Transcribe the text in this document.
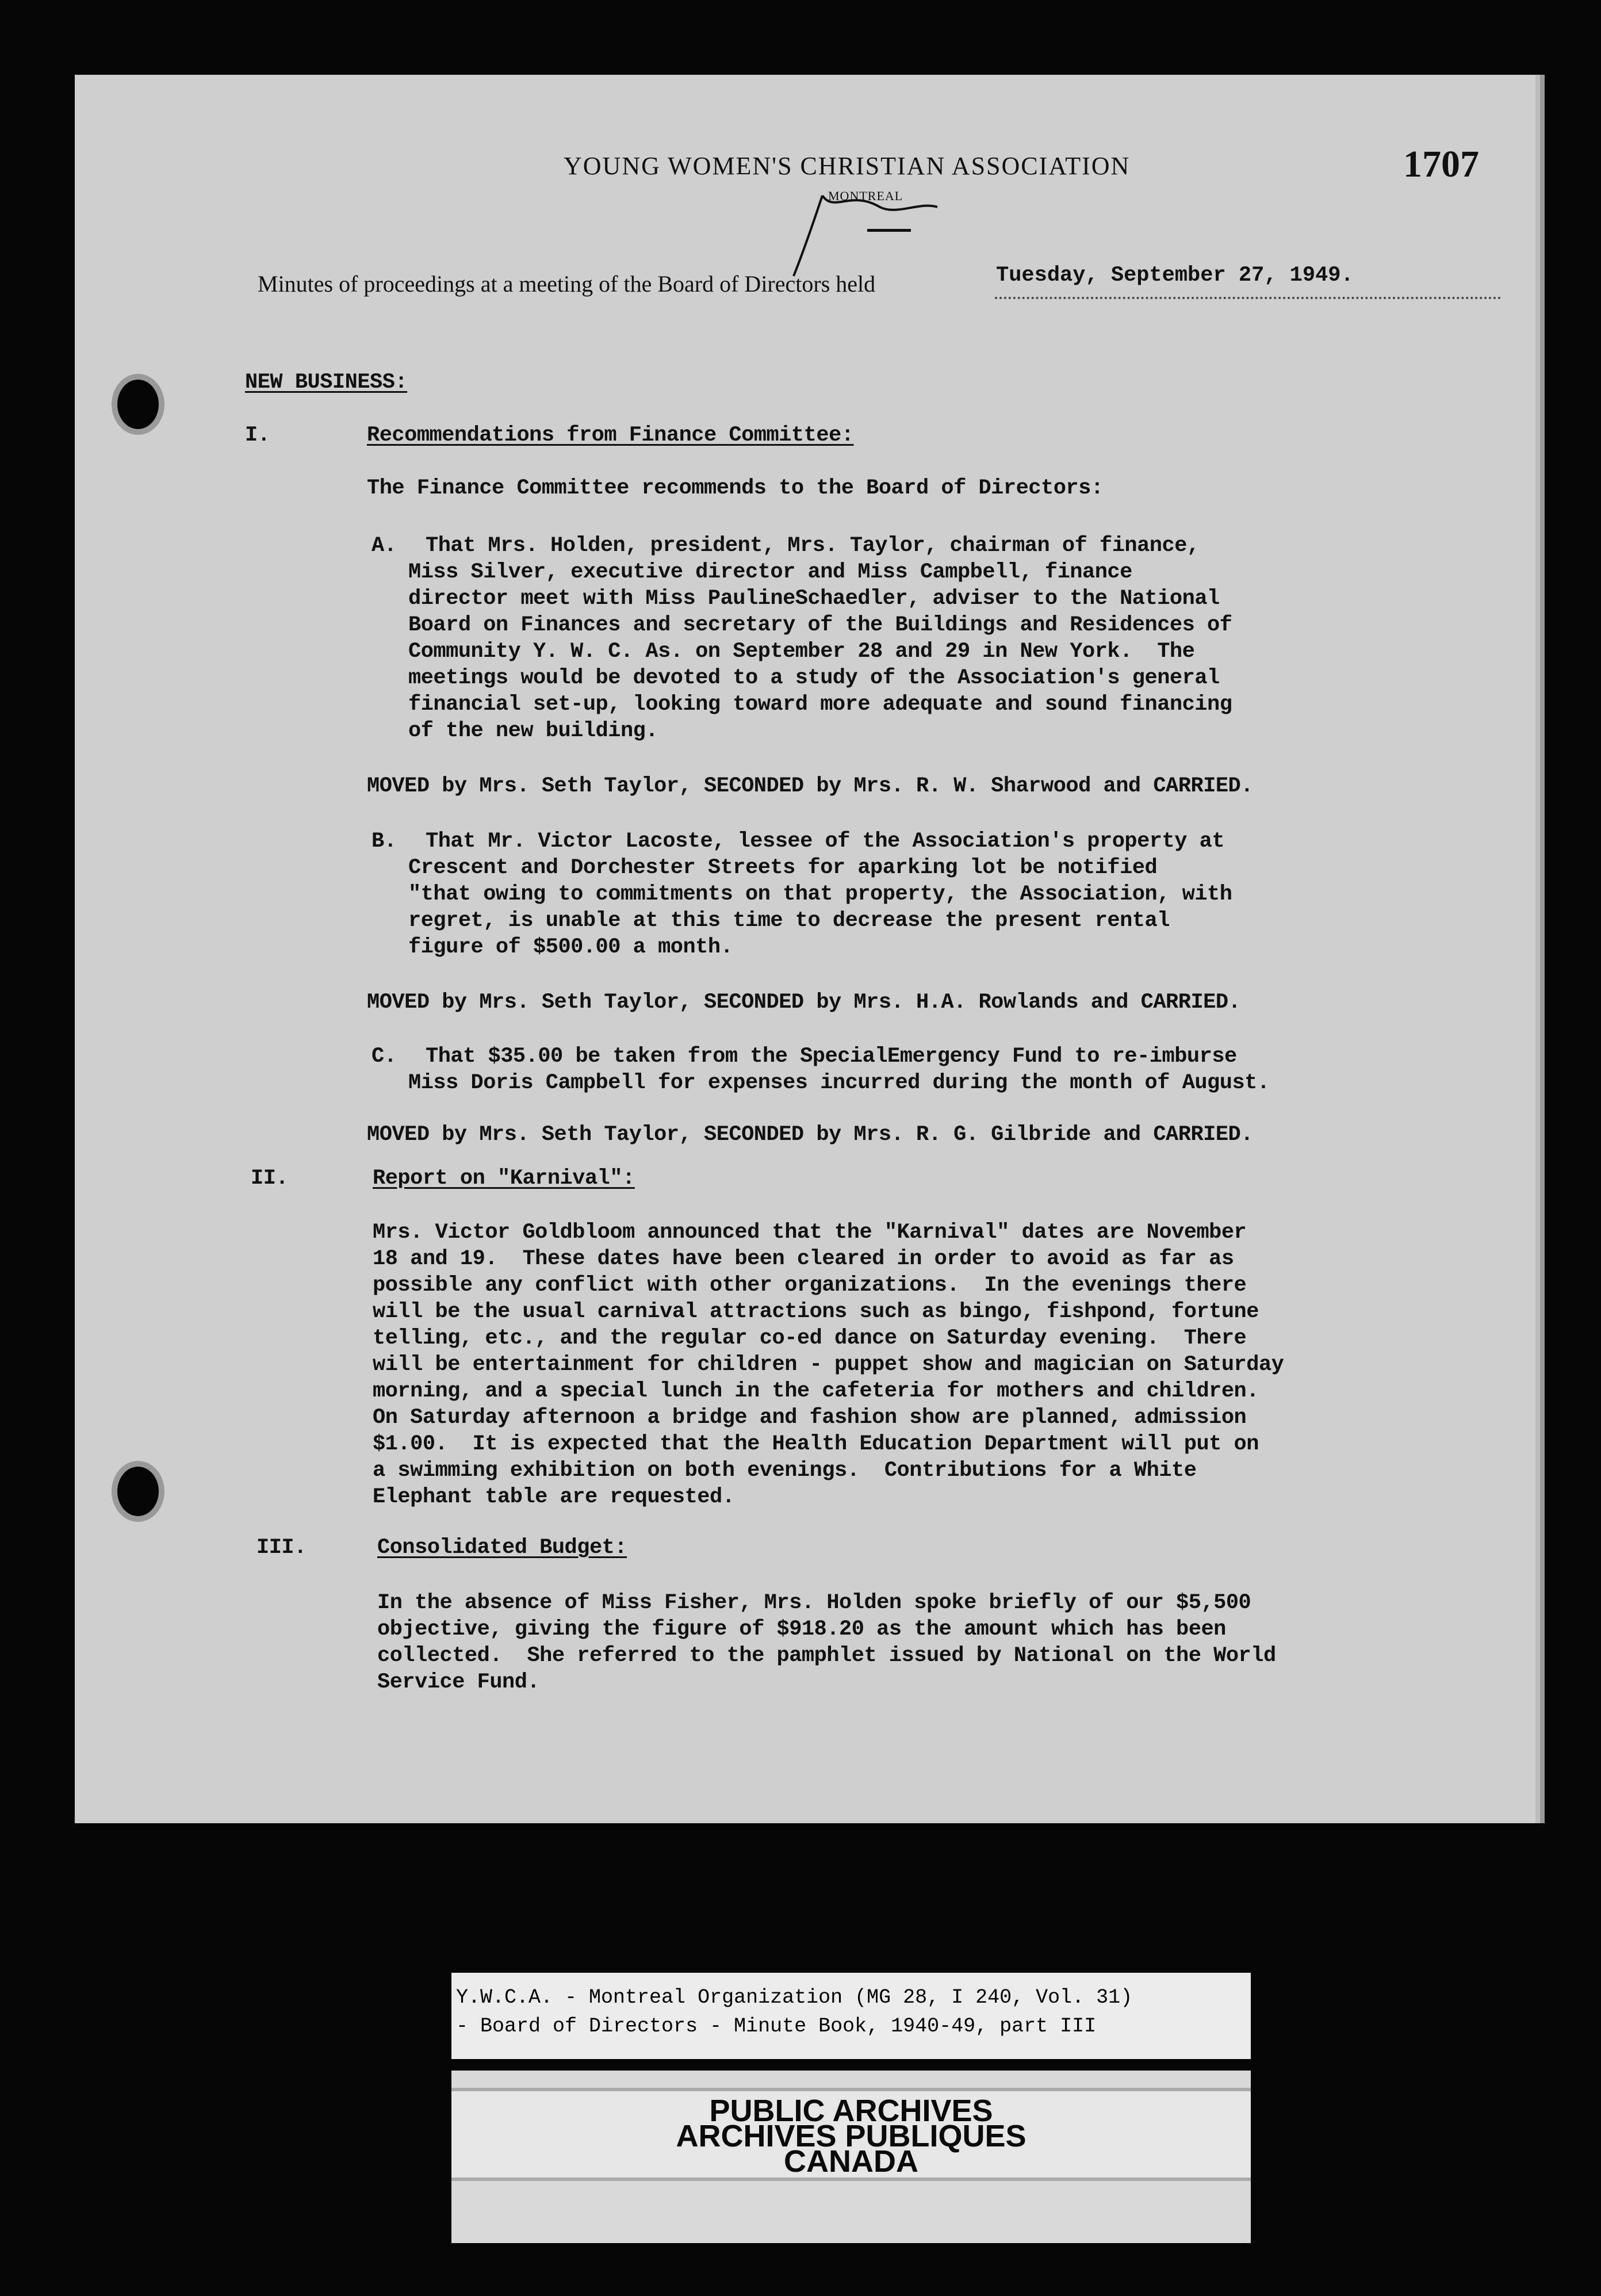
YOUNG WOMEN'S CHRISTIAN ASSOCIATION	1707
MONTREAL
Minutes of proceedings at a meeting of the Board of Directors held	Tuesday, September 27, 1949.
NEW BUSINESS:
I.	Recommendations from Finance Committee:
The Finance Committee recommends to the Board of Directors:
A. That Mrs. Holden, president, Mrs. Taylor, chairman of finance,
Miss Silver, executive director and Miss Campbell, finance
director meet with Miss PaulineSchaedler, adviser to the National
Board on Finances and secretary of the Buildings and Residences of
Community Y. W. C. As. on September 28 and 29 in New York.  The
meetings would be devoted to a study of the Association's general
financial set-up, looking toward more adequate and sound financing
of the new building.
MOVED by Mrs. Seth Taylor, SECONDED by Mrs. R. W. Sharwood and CARRIED.
B. That Mr. Victor Lacoste, lessee of the Association's property at
Crescent and Dorchester Streets for aparking lot be notified
"that owing to commitments on that property, the Association, with
regret, is unable at this time to decrease the present rental
figure of $500.00 a month.
MOVED by Mrs. Seth Taylor, SECONDED by Mrs. H.A. Rowlands and CARRIED.
C. That $35.00 be taken from the SpecialEmergency Fund to re-imburse
Miss Doris Campbell for expenses incurred during the month of August.
MOVED by Mrs. Seth Taylor, SECONDED by Mrs. R. G. Gilbride and CARRIED.
II.	Report on "Karnival":
Mrs. Victor Goldbloom announced that the "Karnival" dates are November
18 and 19.  These dates have been cleared in order to avoid as far as
possible any conflict with other organizations.  In the evenings there
will be the usual carnival attractions such as bingo, fishpond, fortune
telling, etc., and the regular co-ed dance on Saturday evening.  There
will be entertainment for children - puppet show and magician on Saturday
morning, and a special lunch in the cafeteria for mothers and children.
On Saturday afternoon a bridge and fashion show are planned, admission
$1.00.  It is expected that the Health Education Department will put on
a swimming exhibition on both evenings.  Contributions for a White
Elephant table are requested.
III.	Consolidated Budget:
In the absence of Miss Fisher, Mrs. Holden spoke briefly of our $5,500
objective, giving the figure of $918.20 as the amount which has been
collected.  She referred to the pamphlet issued by National on the World
Service Fund.
Y.W.C.A. - Montreal Organization (MG 28, I 240, Vol. 31)
- Board of Directors - Minute Book, 1940-49, part III
PUBLIC ARCHIVES
ARCHIVES PUBLIQUES
CANADA
